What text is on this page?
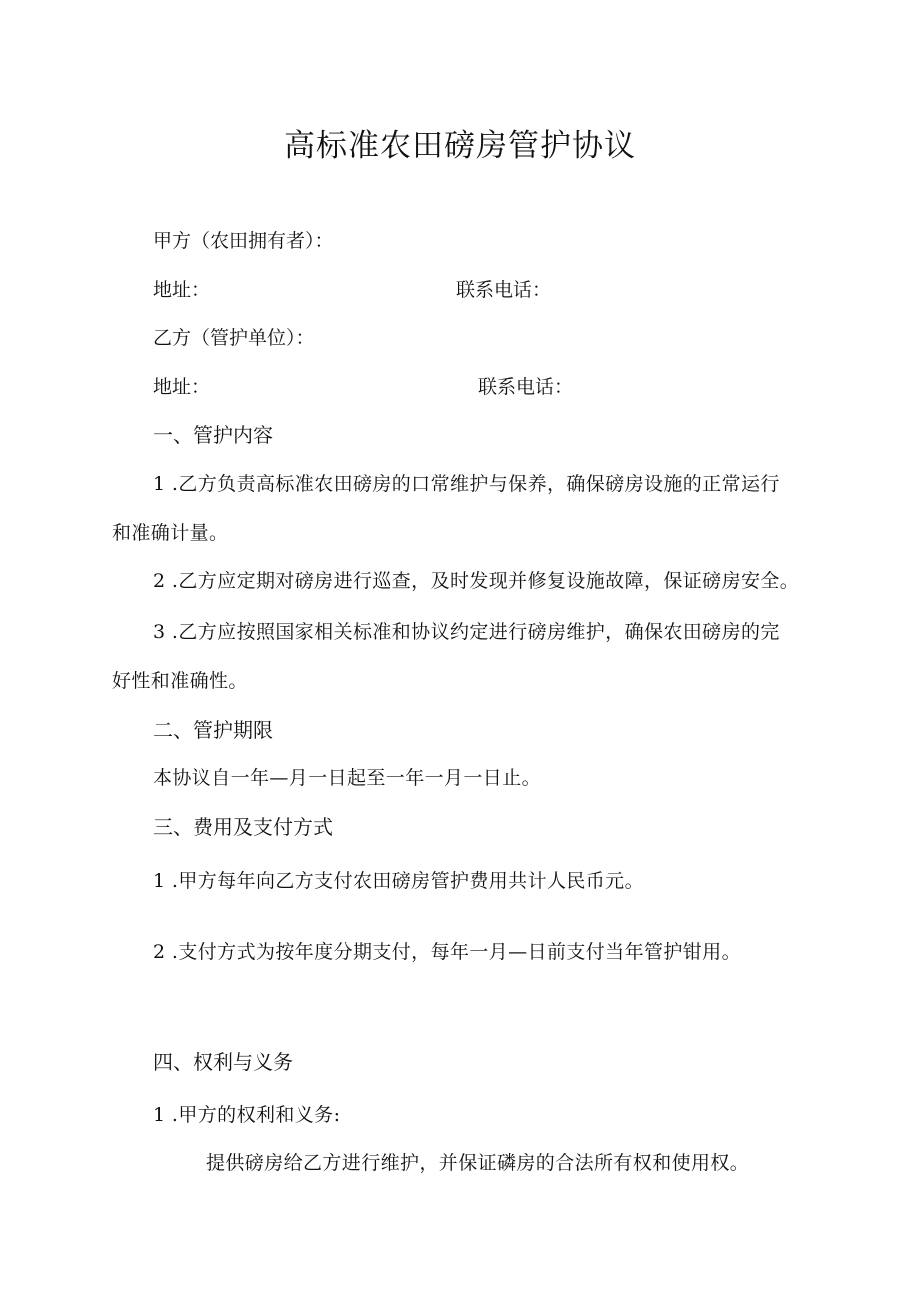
高标准农田磅房管护协议
甲方（农田拥有者）：
地址：	联系电话：
乙方（管护单位）：
地址：	联系电话：
一、管护内容
1 .乙方负责高标准农田磅房的口常维护与保养，确保磅房设施的正常运行
和准确计量。
2 .乙方应定期对磅房进行巡查，及时发现并修复设施故障，保证磅房安全。
3 .乙方应按照国家相关标准和协议约定进行磅房维护，确保农田磅房的完
好性和准确性。
二、管护期限
本协议自一年—月一日起至一年一月一日止。
三、费用及支付方式
1 .甲方每年向乙方支付农田磅房管护费用共计人民币元。
2 .支付方式为按年度分期支付，每年一月—日前支付当年管护钳用。
四、权利与义务
1 .甲方的权利和义务:
提供磅房给乙方进行维护，并保证磷房的合法所有权和使用权。
